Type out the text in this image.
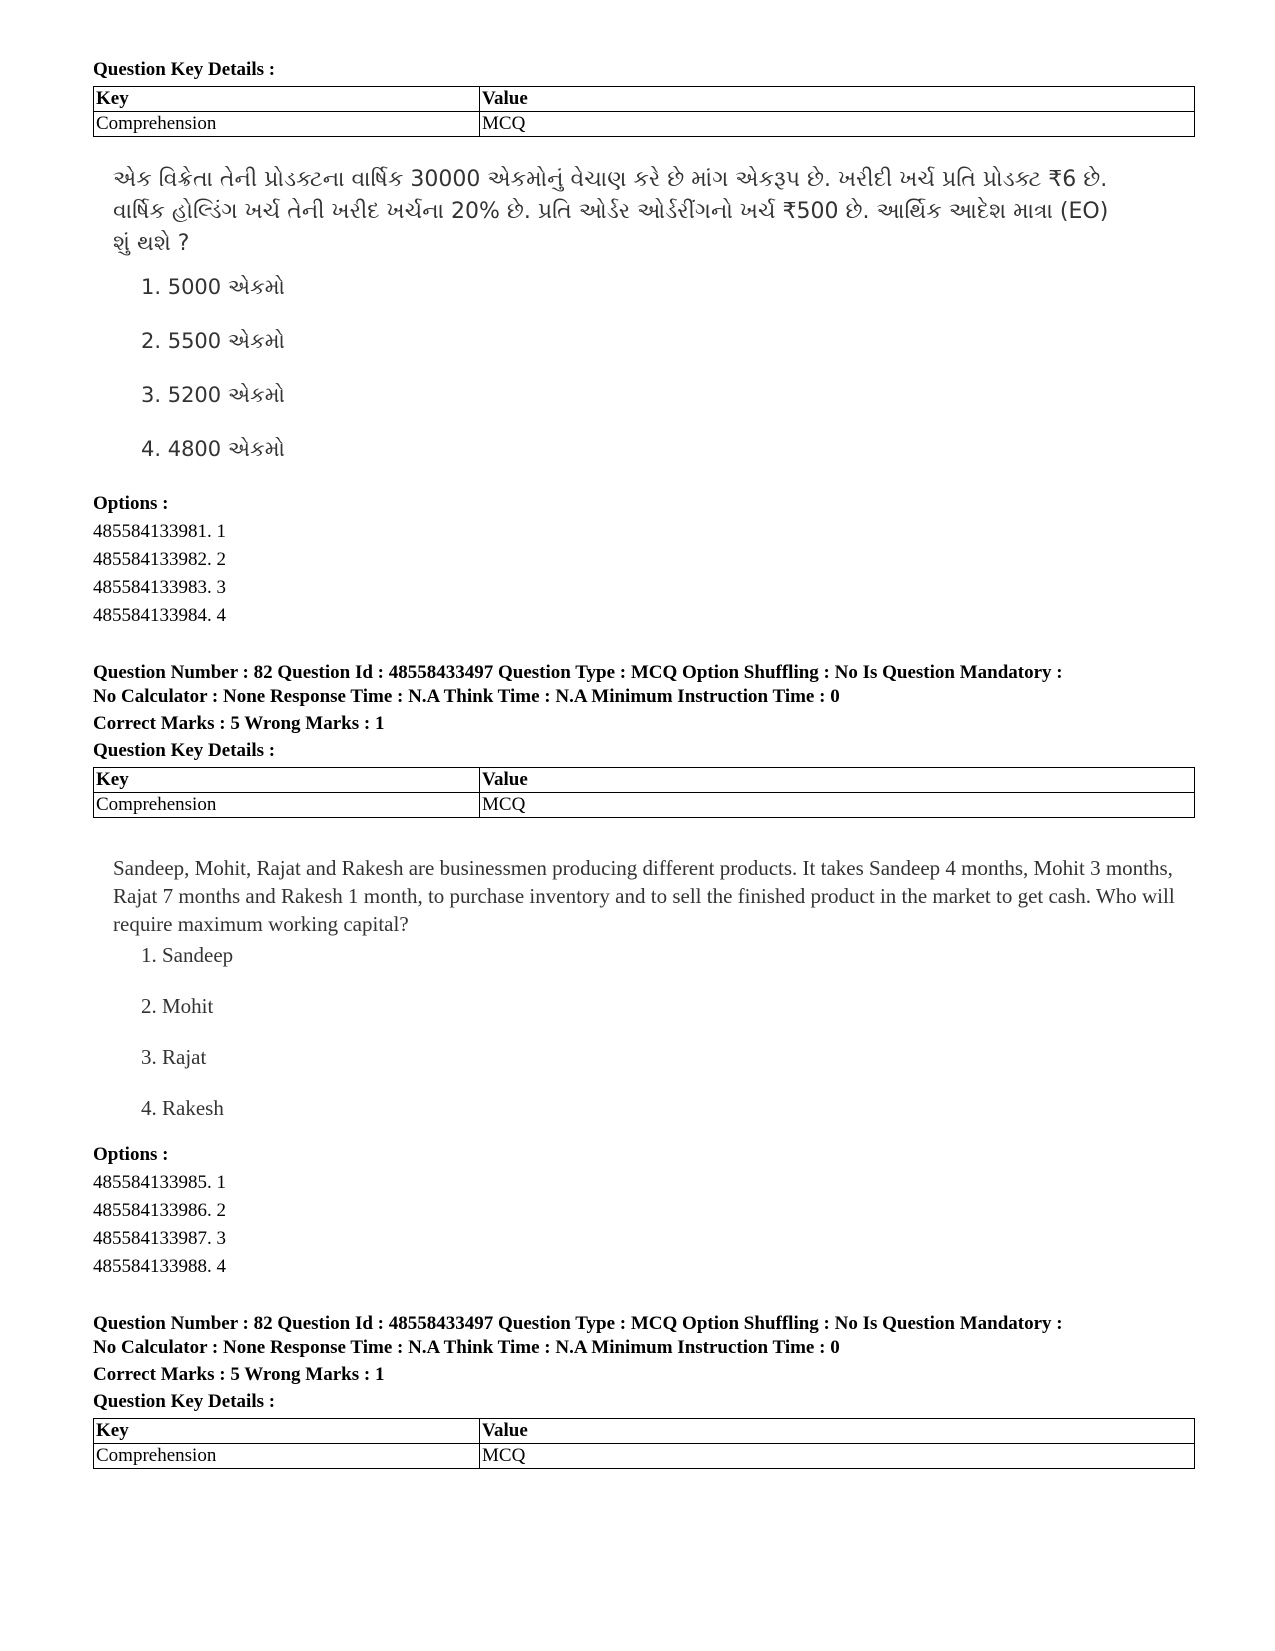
Question Key Details :
Key	Value
Comprehension	MCQ
એક વિક્રેતા તેની પ્રોડક્ટના વાર્ષિક 30000 એકમોનું વેચાણ કરે છે માંગ એકરૂપ છે. ખરીદી ખર્ચ પ્રતિ પ્રોડક્ટ ₹6 છે. વાર્ષિક હોલ્ડિંગ ખર્ચ તેની ખરીદ ખર્ચના 20% છે. પ્રતિ ઓર્ડર ઓર્ડરીંગનો ખર્ચ ₹500 છે. આર્થિક આદેશ માત્રા (EO) શું થશે ?
1. 5000 એકમો
2. 5500 એકમો
3. 5200 એકમો
4. 4800 એકમો
Options :
485584133981. 1
485584133982. 2
485584133983. 3
485584133984. 4
Question Number : 82 Question Id : 48558433497 Question Type : MCQ Option Shuffling : No Is Question Mandatory :
No Calculator : None Response Time : N.A Think Time : N.A Minimum Instruction Time : 0
Correct Marks : 5 Wrong Marks : 1
Question Key Details :
Key	Value
Comprehension	MCQ
Sandeep, Mohit, Rajat and Rakesh are businessmen producing different products. It takes Sandeep 4 months, Mohit 3 months, Rajat 7 months and Rakesh 1 month, to purchase inventory and to sell the finished product in the market to get cash. Who will require maximum working capital?
1. Sandeep
2. Mohit
3. Rajat
4. Rakesh
Options :
485584133985. 1
485584133986. 2
485584133987. 3
485584133988. 4
Question Number : 82 Question Id : 48558433497 Question Type : MCQ Option Shuffling : No Is Question Mandatory :
No Calculator : None Response Time : N.A Think Time : N.A Minimum Instruction Time : 0
Correct Marks : 5 Wrong Marks : 1
Question Key Details :
Key	Value
Comprehension	MCQ
